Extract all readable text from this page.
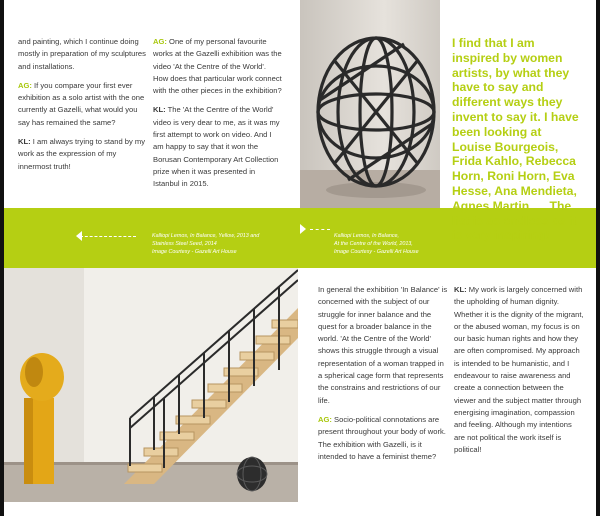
and painting, which I continue doing mostly in preparation of my sculptures and installations.

AG: If you compare your first ever exhibition as a solo artist with the one currently at Gazelli, what would you say has remained the same?

KL: I am always trying to stand by my work as the expression of my innermost truth!

AG: One of my personal favourite works at the Gazelli exhibition was the video 'At the Centre of the World'. How does that particular work connect with the other pieces in the exhibition?

KL: The 'At the Centre of the World' video is very dear to me, as it was my first attempt to work on video. And I am happy to say that it won the Borusan Contemporary Art Collection prize when it was presented in Istanbul in 2015.

Kalliopi Lemos, In Balance, Yellow, 2013 and Stainless Steel Seed, 2014
Image Courtesy - Gazelli Art House
Kalliopi Lemos, In Balance,
At the Centre of the World, 2013,
Image Courtesy - Gazelli Art House
I find that I am inspired by women artists, by what they have to say and different ways they invent to say it. I have been looking at Louise Bourgeois, Frida Kahlo, Rebecca Horn, Roni Horn, Eva Hesse, Ana Mendieta, Agnes Martin .... The list is as endless as it is very inspiring!

In general the exhibition 'In Balance' is concerned with the subject of our struggle for inner balance and the quest for a broader balance in the world. 'At the Centre of the World' shows this struggle through a visual representation of a woman trapped in a spherical cage form that represents the constrains and restrictions of our life.

AG: Socio-political connotations are present throughout your body of work. The exhibition with Gazelli, is it intended to have a feminist theme?

KL: My work is largely concerned with the upholding of human dignity. Whether it is the dignity of the migrant, or the abused woman, my focus is on our basic human rights and how they are often compromised. My approach is intended to be humanistic, and I endeavour to raise awareness and create a connection between the viewer and the subject matter through energising imagination, compassion and feeling. Although my intentions are not political the work itself is political!
